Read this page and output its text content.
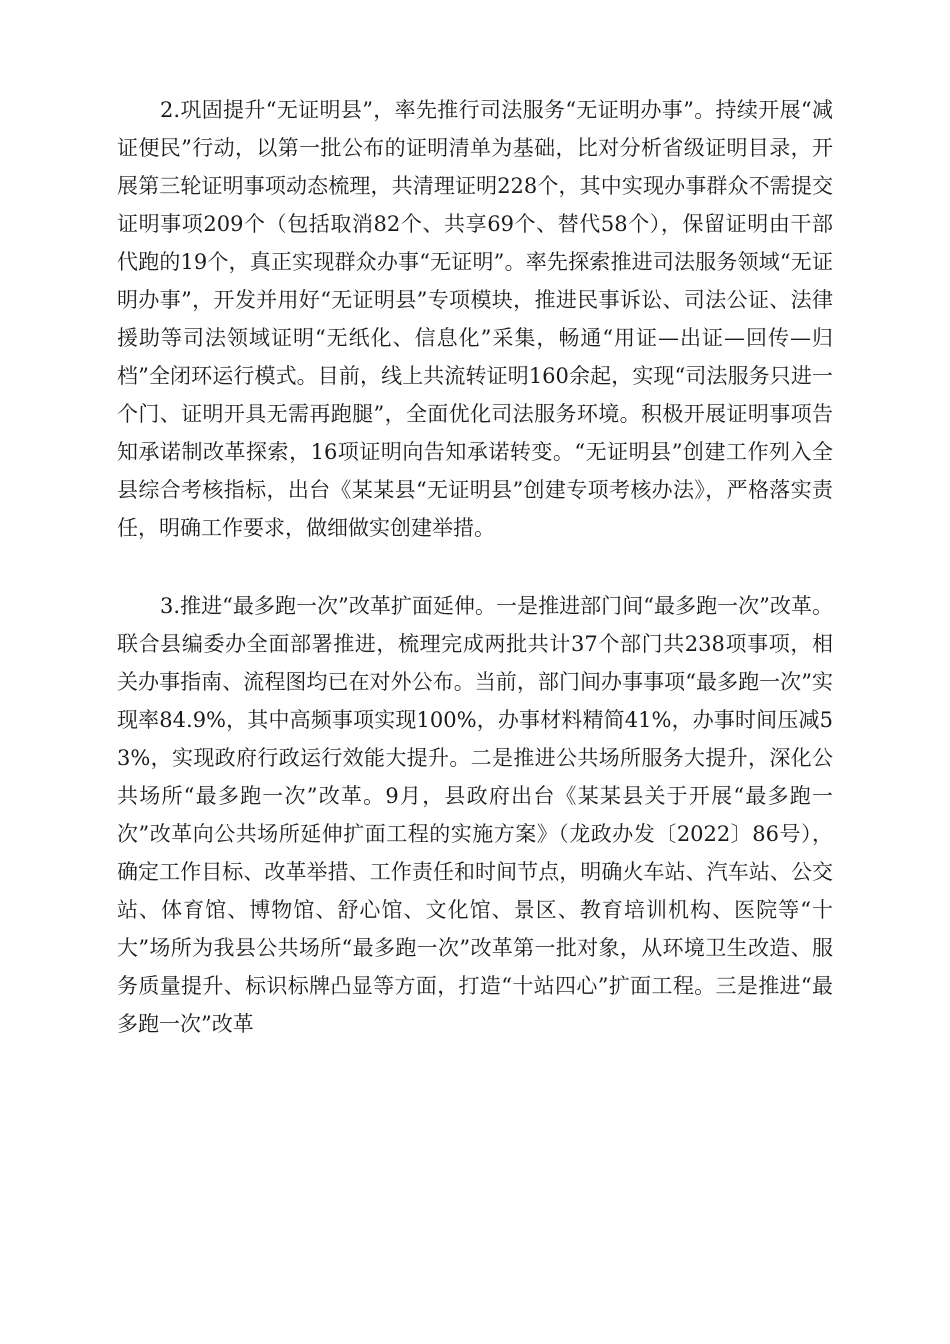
2.巩固提升“无证明县”，率先推行司法服务“无证明办事”。持续开展“减证便民”行动，以第一批公布的证明清单为基础，比对分析省级证明目录，开展第三轮证明事项动态梳理，共清理证明228个，其中实现办事群众不需提交证明事项209个（包括取消82个、共享69个、替代58个），保留证明由干部代跑的19个，真正实现群众办事“无证明”。率先探索推进司法服务领域“无证明办事”，开发并用好“无证明县”专项模块，推进民事诉讼、司法公证、法律援助等司法领域证明“无纸化、信息化”采集，畅通“用证—出证—回传—归档”全闭环运行模式。目前，线上共流转证明160余起，实现“司法服务只进一个门、证明开具无需再跑腿”，全面优化司法服务环境。积极开展证明事项告知承诺制改革探索，16项证明向告知承诺转变。“无证明县”创建工作列入全县综合考核指标，出台《某某县“无证明县”创建专项考核办法》，严格落实责任，明确工作要求，做细做实创建举措。

3.推进“最多跑一次”改革扩面延伸。一是推进部门间“最多跑一次”改革。联合县编委办全面部署推进，梳理完成两批共计37个部门共238项事项，相关办事指南、流程图均已在对外公布。当前，部门间办事事项“最多跑一次”实现率84.9%，其中高频事项实现100%，办事材料精简41%，办事时间压减53%，实现政府行政运行效能大提升。二是推进公共场所服务大提升，深化公共场所“最多跑一次”改革。9月，县政府出台《某某县关于开展“最多跑一次”改革向公共场所延伸扩面工程的实施方案》（龙政办发〔2022〕86号），确定工作目标、改革举措、工作责任和时间节点，明确火车站、汽车站、公交站、体育馆、博物馆、舒心馆、文化馆、景区、教育培训机构、医院等“十大”场所为我县公共场所“最多跑一次”改革第一批对象，从环境卫生改造、服务质量提升、标识标牌凸显等方面，打造“十站四心”扩面工程。三是推进“最多跑一次”改革
